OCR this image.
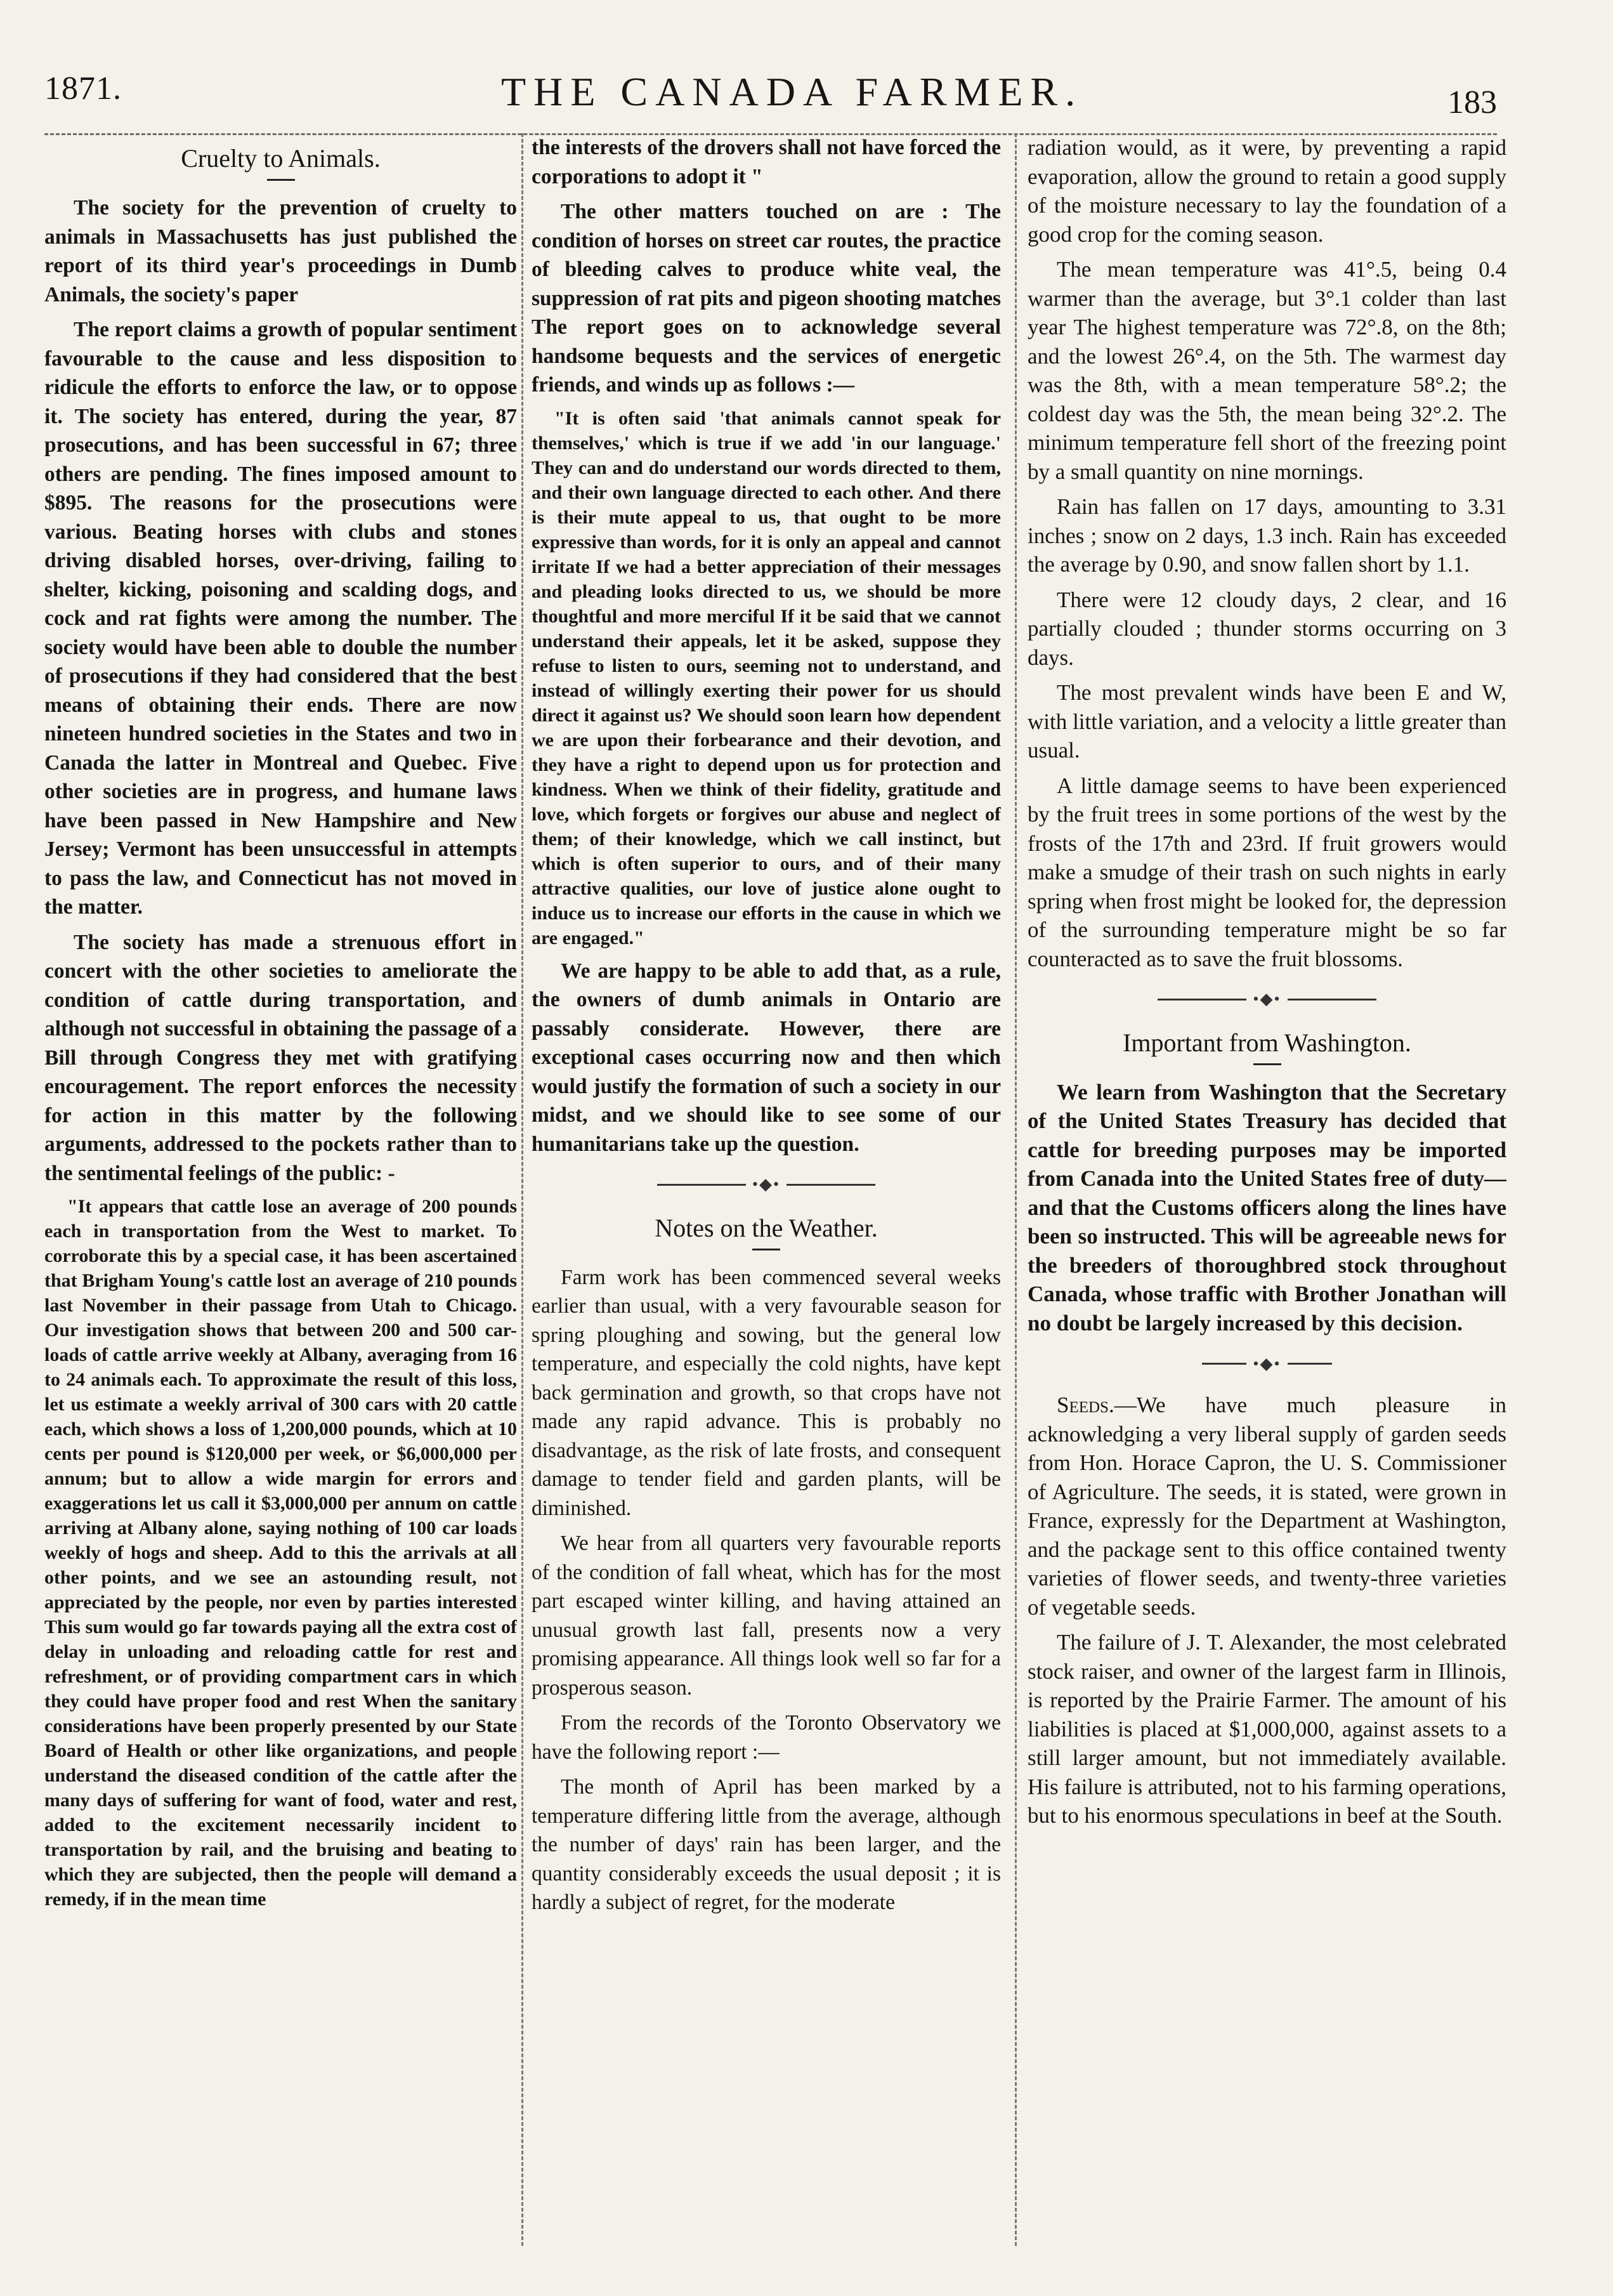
1871.	THE CANADA FARMER.	183
Cruelty to Animals.

The society for the prevention of cruelty to animals in Massachusetts has just published the report of its third year's proceedings in Dumb Animals, the society's paper

The report claims a growth of popular sentiment favourable to the cause and less disposition to ridicule the efforts to enforce the law, or to oppose it. The society has entered, during the year, 87 prosecutions, and has been successful in 67; three others are pending. The fines imposed amount to $895. The reasons for the prosecutions were various. Beating horses with clubs and stones driving disabled horses, over-driving, failing to shelter, kicking, poisoning and scalding dogs, and cock and rat fights were among the number. The society would have been able to double the number of prosecutions if they had considered that the best means of obtaining their ends. There are now nineteen hundred societies in the States and two in Canada the latter in Montreal and Quebec. Five other societies are in progress, and humane laws have been passed in New Hampshire and New Jersey; Vermont has been unsuccessful in attempts to pass the law, and Connecticut has not moved in the matter.

The society has made a strenuous effort in concert with the other societies to ameliorate the condition of cattle during transportation, and although not successful in obtaining the passage of a Bill through Congress they met with gratifying encouragement. The report enforces the necessity for action in this matter by the following arguments, addressed to the pockets rather than to the sentimental feelings of the public: -

"It appears that cattle lose an average of 200 pounds each in transportation from the West to market. To corroborate this by a special case, it has been ascertained that Brigham Young's cattle lost an average of 210 pounds last November in their passage from Utah to Chicago. Our investigation shows that between 200 and 500 car-loads of cattle arrive weekly at Albany, averaging from 16 to 24 animals each. To approximate the result of this loss, let us estimate a weekly arrival of 300 cars with 20 cattle each, which shows a loss of 1,200,000 pounds, which at 10 cents per pound is $120,000 per week, or $6,000,000 per annum; but to allow a wide margin for errors and exaggerations let us call it $3,000,000 per annum on cattle arriving at Albany alone, saying nothing of 100 car loads weekly of hogs and sheep. Add to this the arrivals at all other points, and we see an astounding result, not appreciated by the people, nor even by parties interested This sum would go far towards paying all the extra cost of delay in unloading and reloading cattle for rest and refreshment, or of providing compartment cars in which they could have proper food and rest When the sanitary considerations have been properly presented by our State Board of Health or other like organizations, and people understand the diseased condition of the cattle after the many days of suffering for want of food, water and rest, added to the excitement necessarily incident to transportation by rail, and the bruising and beating to which they are subjected, then the people will demand a remedy, if in the mean time

the interests of the drovers shall not have forced the corporations to adopt it "

The other matters touched on are : The condition of horses on street car routes, the practice of bleeding calves to produce white veal, the suppression of rat pits and pigeon shooting matches The report goes on to acknowledge several handsome bequests and the services of energetic friends, and winds up as follows :—

"It is often said 'that animals cannot speak for themselves,' which is true if we add 'in our language.' They can and do understand our words directed to them, and their own language directed to each other. And there is their mute appeal to us, that ought to be more expressive than words, for it is only an appeal and cannot irritate If we had a better appreciation of their messages and pleading looks directed to us, we should be more thoughtful and more merciful If it be said that we cannot understand their appeals, let it be asked, suppose they refuse to listen to ours, seeming not to understand, and instead of willingly exerting their power for us should direct it against us? We should soon learn how dependent we are upon their forbearance and their devotion, and they have a right to depend upon us for protection and kindness. When we think of their fidelity, gratitude and love, which forgets or forgives our abuse and neglect of them; of their knowledge, which we call instinct, but which is often superior to ours, and of their many attractive qualities, our love of justice alone ought to induce us to increase our efforts in the cause in which we are engaged."

We are happy to be able to add that, as a rule, the owners of dumb animals in Ontario are passably considerate. However, there are exceptional cases occurring now and then which would justify the formation of such a society in our midst, and we should like to see some of our humanitarians take up the question.

•◆•
Notes on the Weather.

Farm work has been commenced several weeks earlier than usual, with a very favourable season for spring ploughing and sowing, but the general low temperature, and especially the cold nights, have kept back germination and growth, so that crops have not made any rapid advance. This is probably no disadvantage, as the risk of late frosts, and consequent damage to tender field and garden plants, will be diminished.

We hear from all quarters very favourable reports of the condition of fall wheat, which has for the most part escaped winter killing, and having attained an unusual growth last fall, presents now a very promising appearance. All things look well so far for a prosperous season.

From the records of the Toronto Observatory we have the following report :—

The month of April has been marked by a temperature differing little from the average, although the number of days' rain has been larger, and the quantity considerably exceeds the usual deposit ; it is hardly a subject of regret, for the moderate

radiation would, as it were, by preventing a rapid evaporation, allow the ground to retain a good supply of the moisture necessary to lay the foundation of a good crop for the coming season.

The mean temperature was 41°.5, being 0.4 warmer than the average, but 3°.1 colder than last year The highest temperature was 72°.8, on the 8th; and the lowest 26°.4, on the 5th. The warmest day was the 8th, with a mean temperature 58°.2; the coldest day was the 5th, the mean being 32°.2. The minimum temperature fell short of the freezing point by a small quantity on nine mornings.

Rain has fallen on 17 days, amounting to 3.31 inches ; snow on 2 days, 1.3 inch. Rain has exceeded the average by 0.90, and snow fallen short by 1.1.

There were 12 cloudy days, 2 clear, and 16 partially clouded ; thunder storms occurring on 3 days.

The most prevalent winds have been E and W, with little variation, and a velocity a little greater than usual.

A little damage seems to have been experienced by the fruit trees in some portions of the west by the frosts of the 17th and 23rd. If fruit growers would make a smudge of their trash on such nights in early spring when frost might be looked for, the depression of the surrounding temperature might be so far counteracted as to save the fruit blossoms.

•◆•
Important from Washington.

We learn from Washington that the Secretary of the United States Treasury has decided that cattle for breeding purposes may be imported from Canada into the United States free of duty—and that the Customs officers along the lines have been so instructed. This will be agreeable news for the breeders of thoroughbred stock throughout Canada, whose traffic with Brother Jonathan will no doubt be largely increased by this decision.

•◆•

Seeds.—We have much pleasure in acknowledging a very liberal supply of garden seeds from Hon. Horace Capron, the U. S. Commissioner of Agriculture. The seeds, it is stated, were grown in France, expressly for the Department at Washington, and the package sent to this office contained twenty varieties of flower seeds, and twenty-three varieties of vegetable seeds.

The failure of J. T. Alexander, the most celebrated stock raiser, and owner of the largest farm in Illinois, is reported by the Prairie Farmer. The amount of his liabilities is placed at $1,000,000, against assets to a still larger amount, but not immediately available. His failure is attributed, not to his farming operations, but to his enormous speculations in beef at the South.
